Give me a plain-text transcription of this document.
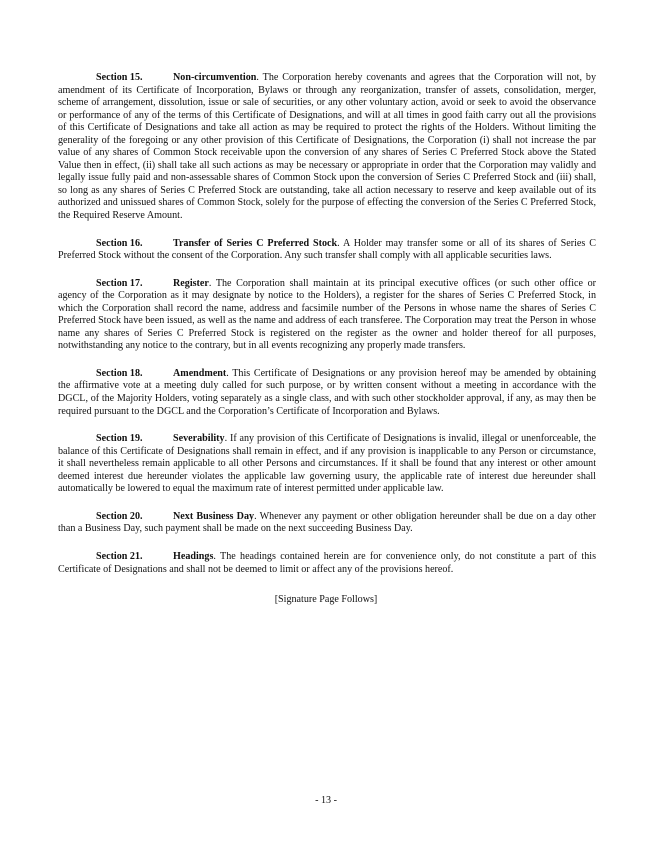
Section 15.	Non-circumvention. The Corporation hereby covenants and agrees that the Corporation will not, by amendment of its Certificate of Incorporation, Bylaws or through any reorganization, transfer of assets, consolidation, merger, scheme of arrangement, dissolution, issue or sale of securities, or any other voluntary action, avoid or seek to avoid the observance or performance of any of the terms of this Certificate of Designations, and will at all times in good faith carry out all the provisions of this Certificate of Designations and take all action as may be required to protect the rights of the Holders. Without limiting the generality of the foregoing or any other provision of this Certificate of Designations, the Corporation (i) shall not increase the par value of any shares of Common Stock receivable upon the conversion of any shares of Series C Preferred Stock above the Stated Value then in effect, (ii) shall take all such actions as may be necessary or appropriate in order that the Corporation may validly and legally issue fully paid and non-assessable shares of Common Stock upon the conversion of Series C Preferred Stock and (iii) shall, so long as any shares of Series C Preferred Stock are outstanding, take all action necessary to reserve and keep available out of its authorized and unissued shares of Common Stock, solely for the purpose of effecting the conversion of the Series C Preferred Stock, the Required Reserve Amount.

Section 16.	Transfer of Series C Preferred Stock. A Holder may transfer some or all of its shares of Series C Preferred Stock without the consent of the Corporation. Any such transfer shall comply with all applicable securities laws.

Section 17.	Register. The Corporation shall maintain at its principal executive offices (or such other office or agency of the Corporation as it may designate by notice to the Holders), a register for the shares of Series C Preferred Stock, in which the Corporation shall record the name, address and facsimile number of the Persons in whose name the shares of Series C Preferred Stock have been issued, as well as the name and address of each transferee. The Corporation may treat the Person in whose name any shares of Series C Preferred Stock is registered on the register as the owner and holder thereof for all purposes, notwithstanding any notice to the contrary, but in all events recognizing any properly made transfers.

Section 18.	Amendment. This Certificate of Designations or any provision hereof may be amended by obtaining the affirmative vote at a meeting duly called for such purpose, or by written consent without a meeting in accordance with the DGCL, of the Majority Holders, voting separately as a single class, and with such other stockholder approval, if any, as may then be required pursuant to the DGCL and the Corporation’s Certificate of Incorporation and Bylaws.

Section 19.	Severability. If any provision of this Certificate of Designations is invalid, illegal or unenforceable, the balance of this Certificate of Designations shall remain in effect, and if any provision is inapplicable to any Person or circumstance, it shall nevertheless remain applicable to all other Persons and circumstances. If it shall be found that any interest or other amount deemed interest due hereunder violates the applicable law governing usury, the applicable rate of interest due hereunder shall automatically be lowered to equal the maximum rate of interest permitted under applicable law.

Section 20.	Next Business Day. Whenever any payment or other obligation hereunder shall be due on a day other than a Business Day, such payment shall be made on the next succeeding Business Day.

Section 21.	Headings. The headings contained herein are for convenience only, do not constitute a part of this Certificate of Designations and shall not be deemed to limit or affect any of the provisions hereof.

[Signature Page Follows]
- 13 -
